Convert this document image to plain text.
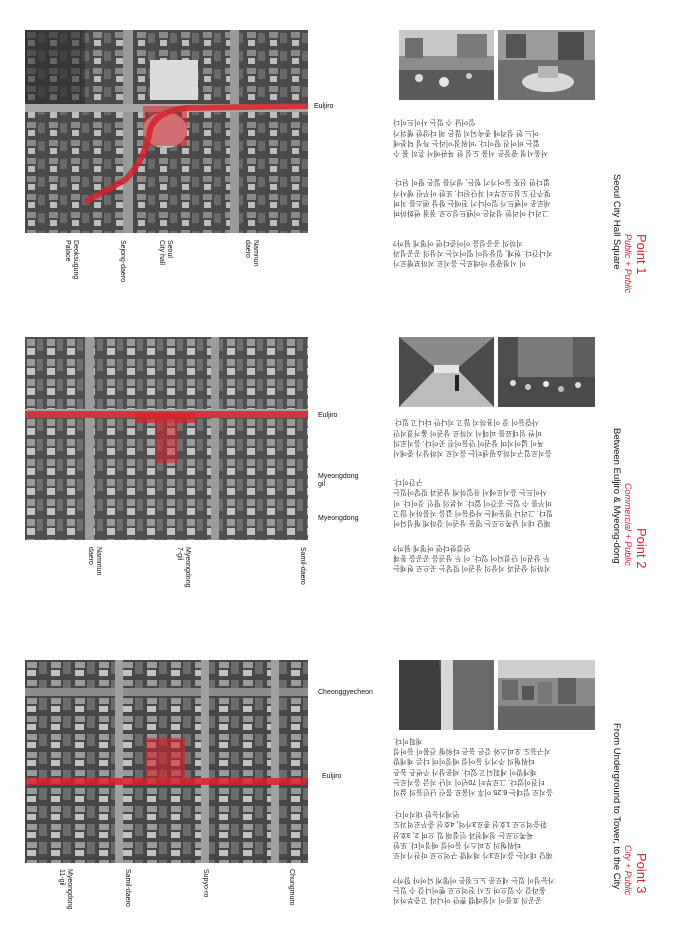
Euljiro
Deoksugung
Palace	Sejong-daero	Seoul
City hall	Namnun
daero
서울시청 광장은 서울 도심 한 복판에서 흔히 볼 수
없는 비어진 땅이다. '비워짐'이라는 특성 덕분에
어느 한 성격에 종속되지 않은 채 다양한 행위가
일어날 수 있는 사이트이다
그러나 이러한 성격은 이벤트성으로 점점 변화하며
새로운 이벤트가 일어나기 전에는 항상 펜스를 치며
몇주간 도심으로부터 차단된다. 또한 아무런 행사가
없다면 선뜻 들어가기 힘든, 생기를 잃은 땅이 된다.
이 시청광장 아래로는 을지로 지하보행로가
지나간다. 현재, 일상성이 떨어지는 지상의 공공성과
지하의 공공성을 이어준다면 어떻게 될까?	Point 1
Public + Public
Seoul City Hall Square
Euljiro
Myeongdong
gil
Myeongdong
Nammun
daero	Myeongdong
7-gil	Samil-daero
을지로입구지하쇼핑센터는 을지로 지하상가 중에서
폭이 넓어지며 상권이 만들어진 곳이다. 을지로의
비싼 임대료를 피해서 지하로 상권이 옮겨졌지만
사람들이 잘 이용하지 않고 지나만 다니고 있다.
해당 대지 남쪽으로는 명동 상권이 강하게 형성되어
있다. 그러나 명동에는 사람들이 값을 지불하지 않고
머무를 수 있는 공간이 없다. 자본의 땅인 것이다. 이
사이트는 을지로에서 유일하게 상권과 맞닿아있는
구간이다.
지하의 상권과 지상의 상권이 맞닿는 곳으로 현재는
두 상권이 단절되어 있다. 이 두 상권을 공공을 통해
연결한다면 어떻게 될까?	Point 2
Commercial + Public
Between Euljiro & Myeong-dong
Cheonggyecheon
Euljiro
Myeongdong
11-gil	Samil-daero	Supyo-ro	Chungmuro
을지로 일대는 6.25 이후 서울로 몰린 난민들의 삶의
터전이었다. 그로부터 70년이 지난 지금 을지로는
재개발이 계획되고 있다. 세운상가 주변은 높은
타워형의 주거가 들어설 예정이며 다른 재개발
지구들도 오피스와 같은 높은 타워형 건물이 들어설
계획이다.
해당 대지는 을지로3가 재개발 구역으로 마찬가지로
타워형의 오피스가 들어설 예정이다. 또한
북쪽으로는 청계천과 인접해 있 으며 2, 3호선
환승역으로 1호선 종로3가역, 4호선 충무로역과도
연계가능한 대지이다.
공공의 흐름이 지상레벨 뿐만 아니라 고층부까지
올라갈 수 있으며 도시 전역으로 뻗어나갈 수 있는
가능성이 있는 새로운 노드점은 어떻게 되어야 할까?	Point 3
City + Public
From Underground to Tower, to the City
